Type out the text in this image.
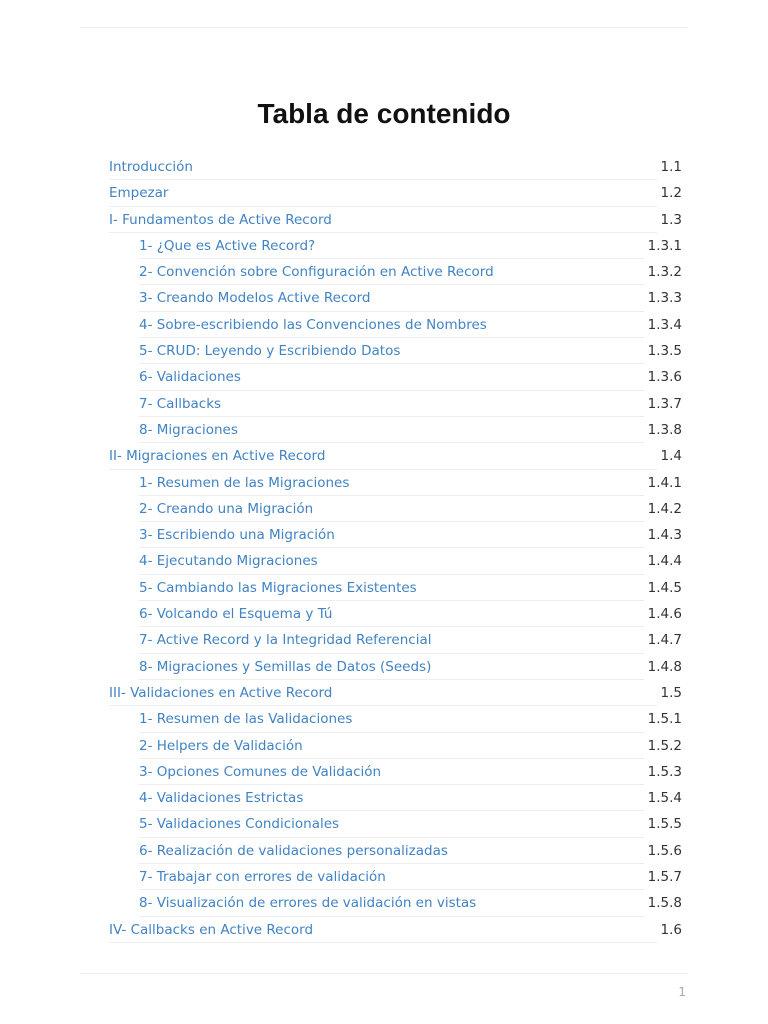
Tabla de contenido
Introducción	1.1
Empezar	1.2
I- Fundamentos de Active Record	1.3
1- ¿Que es Active Record?	1.3.1
2- Convención sobre Configuración en Active Record	1.3.2
3- Creando Modelos Active Record	1.3.3
4- Sobre-escribiendo las Convenciones de Nombres	1.3.4
5- CRUD: Leyendo y Escribiendo Datos	1.3.5
6- Validaciones	1.3.6
7- Callbacks	1.3.7
8- Migraciones	1.3.8
II- Migraciones en Active Record	1.4
1- Resumen de las Migraciones	1.4.1
2- Creando una Migración	1.4.2
3- Escribiendo una Migración	1.4.3
4- Ejecutando Migraciones	1.4.4
5- Cambiando las Migraciones Existentes	1.4.5
6- Volcando el Esquema y Tú	1.4.6
7- Active Record y la Integridad Referencial	1.4.7
8- Migraciones y Semillas de Datos (Seeds)	1.4.8
III- Validaciones en Active Record	1.5
1- Resumen de las Validaciones	1.5.1
2- Helpers de Validación	1.5.2
3- Opciones Comunes de Validación	1.5.3
4- Validaciones Estrictas	1.5.4
5- Validaciones Condicionales	1.5.5
6- Realización de validaciones personalizadas	1.5.6
7- Trabajar con errores de validación	1.5.7
8- Visualización de errores de validación en vistas	1.5.8
IV- Callbacks en Active Record	1.6
1
